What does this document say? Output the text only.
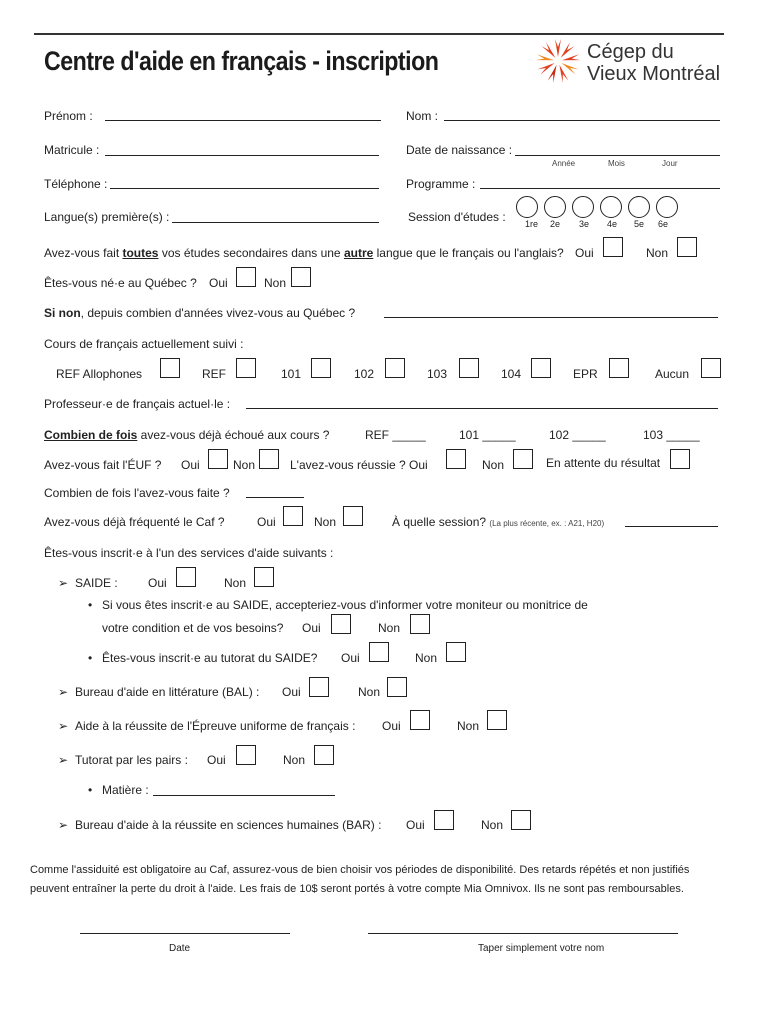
Centre d'aide en français - inscription	Cégep du
Vieux Montréal
Prénom :	Nom :
Matricule :	Date de naissance :
Année	Mois	Jour
Téléphone :	Programme :
Langue(s) première(s) :	Session d'études : 1re 2e 3e 4e 5e 6e
Avez-vous fait toutes vos études secondaires dans une autre langue que le français ou l'anglais? Oui	Non
Êtes-vous né·e au Québec ? Oui	Non
Si non, depuis combien d'années vivez-vous au Québec ?
Cours de français actuellement suivi :
REF Allophones	REF	101	102	103	104	EPR	Aucun
Professeur·e de français actuel·le :
Combien de fois avez-vous déjà échoué aux cours ?	REF _____	101 _____	102 _____	103 _____
Avez-vous fait l'ÉUF ? Oui	Non	L'avez-vous réussie ? Oui	Non	En attente du résultat
Combien de fois l'avez-vous faite ?
Avez-vous déjà fréquenté le Caf ?	Oui	Non	À quelle session? (La plus récente, ex. : A21, H20)
Êtes-vous inscrit·e à l'un des services d'aide suivants :
➢ SAIDE :	Oui	Non
• Si vous êtes inscrit·e au SAIDE, accepteriez-vous d'informer votre moniteur ou monitrice de
votre condition et de vos besoins? Oui	Non
• Êtes-vous inscrit·e au tutorat du SAIDE? Oui	Non
➢ Bureau d'aide en littérature (BAL) : Oui	Non
➢ Aide à la réussite de l'Épreuve uniforme de français : Oui	Non
➢ Tutorat par les pairs : Oui	Non
• Matière :
➢ Bureau d'aide à la réussite en sciences humaines (BAR) : Oui	Non
Comme l'assiduité est obligatoire au Caf, assurez-vous de bien choisir vos périodes de disponibilité. Des retards répétés et non justifiés
peuvent entraîner la perte du droit à l'aide. Les frais de 10$ seront portés à votre compte Mia Omnivox. Ils ne sont pas remboursables.
Date	Taper simplement votre nom
